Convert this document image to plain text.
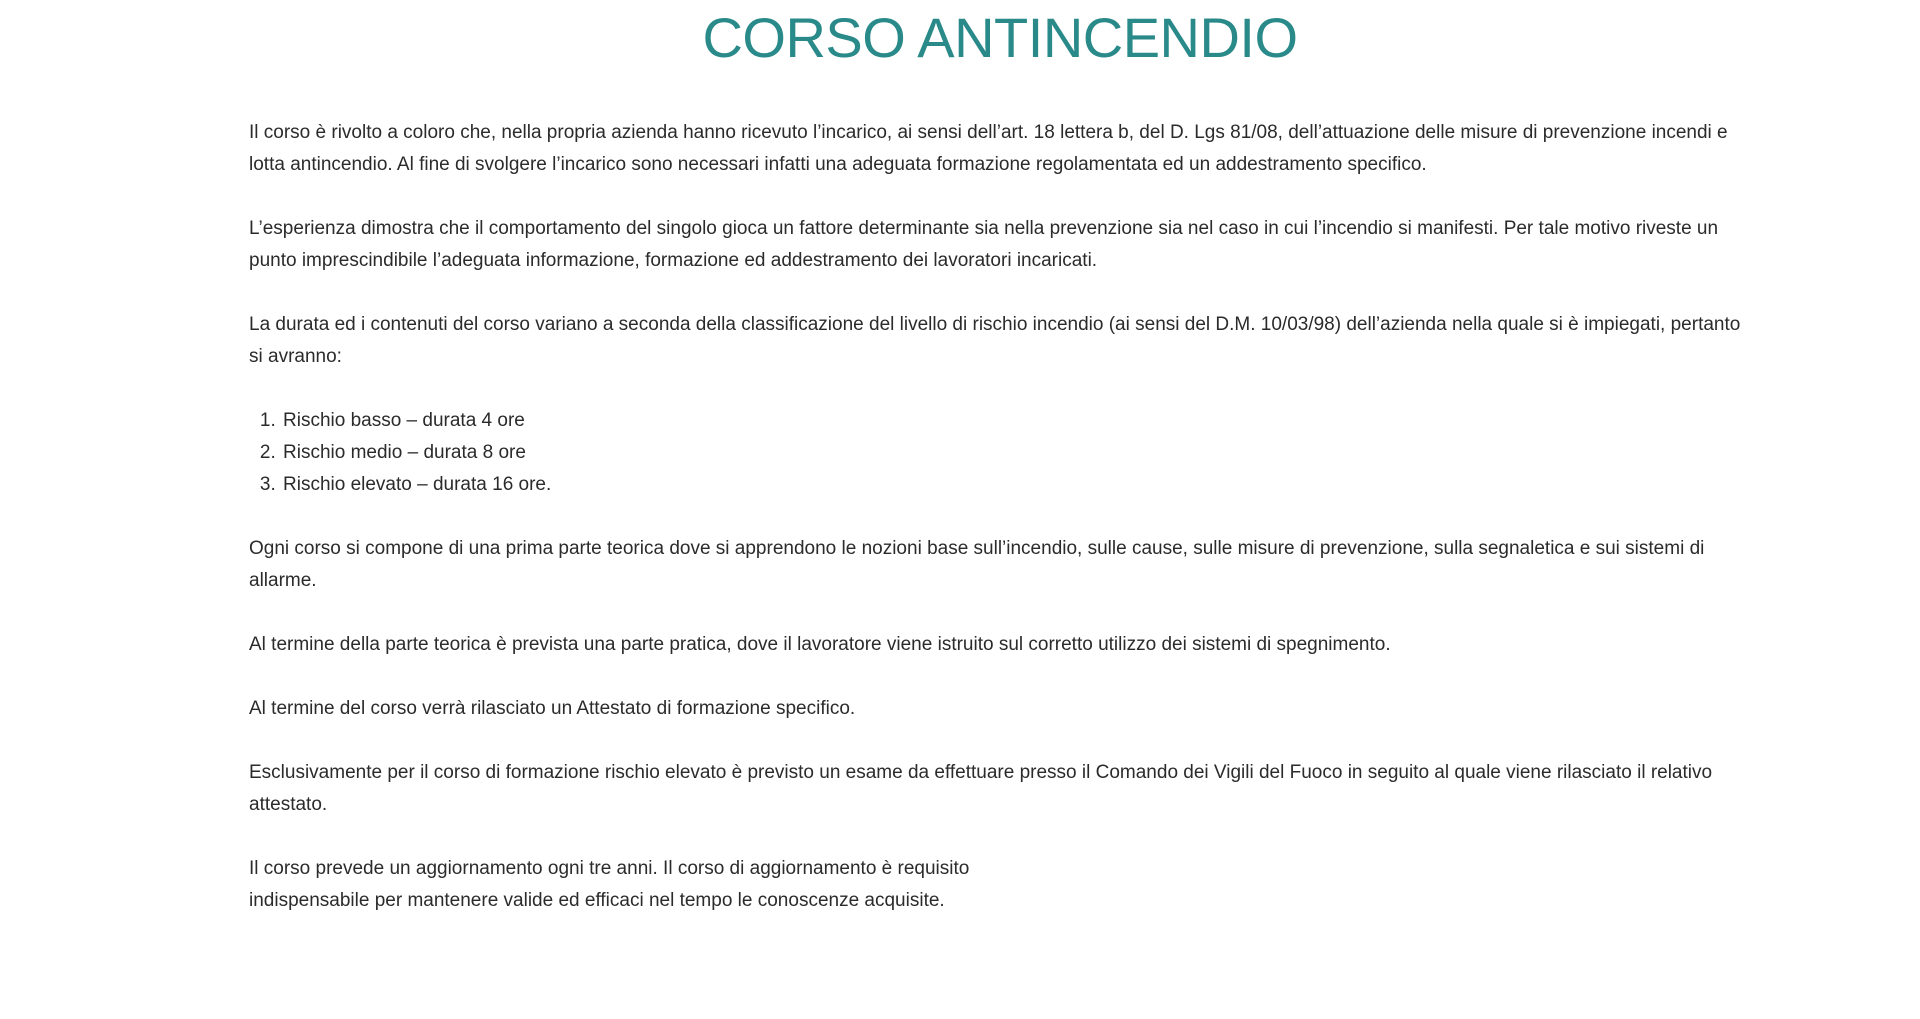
CORSO ANTINCENDIO

Il corso è rivolto a coloro che, nella propria azienda hanno ricevuto l’incarico, ai sensi dell’art. 18 lettera b, del D. Lgs 81/08, dell’attuazione delle misure di prevenzione incendi e lotta antincendio. Al fine di svolgere l’incarico sono necessari infatti una adeguata formazione regolamentata ed un addestramento specifico.

L’esperienza dimostra che il comportamento del singolo gioca un fattore determinante sia nella prevenzione sia nel caso in cui l’incendio si manifesti. Per tale motivo riveste un punto imprescindibile l’adeguata informazione, formazione ed addestramento dei lavoratori incaricati.

La durata ed i contenuti del corso variano a seconda della classificazione del livello di rischio incendio (ai sensi del D.M. 10/03/98) dell’azienda nella quale si è impiegati, pertanto si avranno:

1. Rischio basso – durata 4 ore
2. Rischio medio – durata 8 ore
3. Rischio elevato – durata 16 ore.

Ogni corso si compone di una prima parte teorica dove si apprendono le nozioni base sull’incendio, sulle cause, sulle misure di prevenzione, sulla segnaletica e sui sistemi di allarme.

Al termine della parte teorica è prevista una parte pratica, dove il lavoratore viene istruito sul corretto utilizzo dei sistemi di spegnimento.

Al termine del corso verrà rilasciato un Attestato di formazione specifico.

Esclusivamente per il corso di formazione rischio elevato è previsto un esame da effettuare presso il Comando dei Vigili del Fuoco in seguito al quale viene rilasciato il relativo attestato.

Il corso prevede un aggiornamento ogni tre anni. Il corso di aggiornamento è requisito
indispensabile per mantenere valide ed efficaci nel tempo le conoscenze acquisite.
